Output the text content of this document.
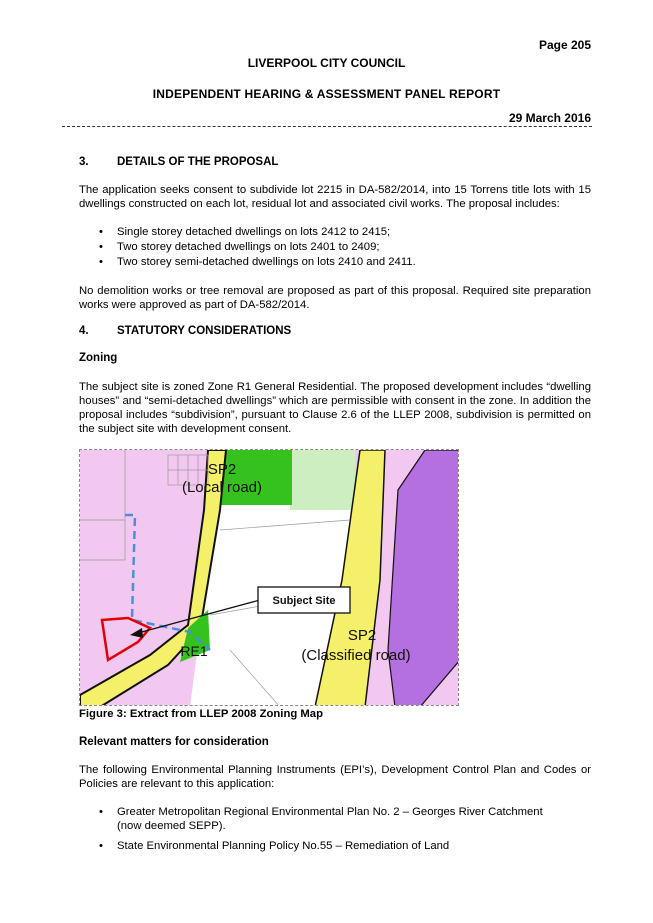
Page 205
LIVERPOOL CITY COUNCIL
INDEPENDENT HEARING & ASSESSMENT PANEL REPORT
29 March 2016
3. DETAILS OF THE PROPOSAL
The application seeks consent to subdivide lot 2215 in DA-582/2014, into 15 Torrens title lots with 15 dwellings constructed on each lot, residual lot and associated civil works. The proposal includes:
• Single storey detached dwellings on lots 2412 to 2415;
• Two storey detached dwellings on lots 2401 to 2409;
• Two storey semi-detached dwellings on lots 2410 and 2411.
No demolition works or tree removal are proposed as part of this proposal. Required site preparation works were approved as part of DA-582/2014.
4. STATUTORY CONSIDERATIONS
Zoning
The subject site is zoned Zone R1 General Residential. The proposed development includes “dwelling houses” and “semi-detached dwellings” which are permissible with consent in the zone. In addition the proposal includes “subdivision”, pursuant to Clause 2.6 of the LLEP 2008, subdivision is permitted on the subject site with development consent.
SP2
(Local road)
Subject Site
RE1
SP2
(Classified road)
Figure 3: Extract from LLEP 2008 Zoning Map
Relevant matters for consideration
The following Environmental Planning Instruments (EPI’s), Development Control Plan and Codes or Policies are relevant to this application:
• Greater Metropolitan Regional Environmental Plan No. 2 – Georges River Catchment (now deemed SEPP).
• State Environmental Planning Policy No.55 – Remediation of Land
